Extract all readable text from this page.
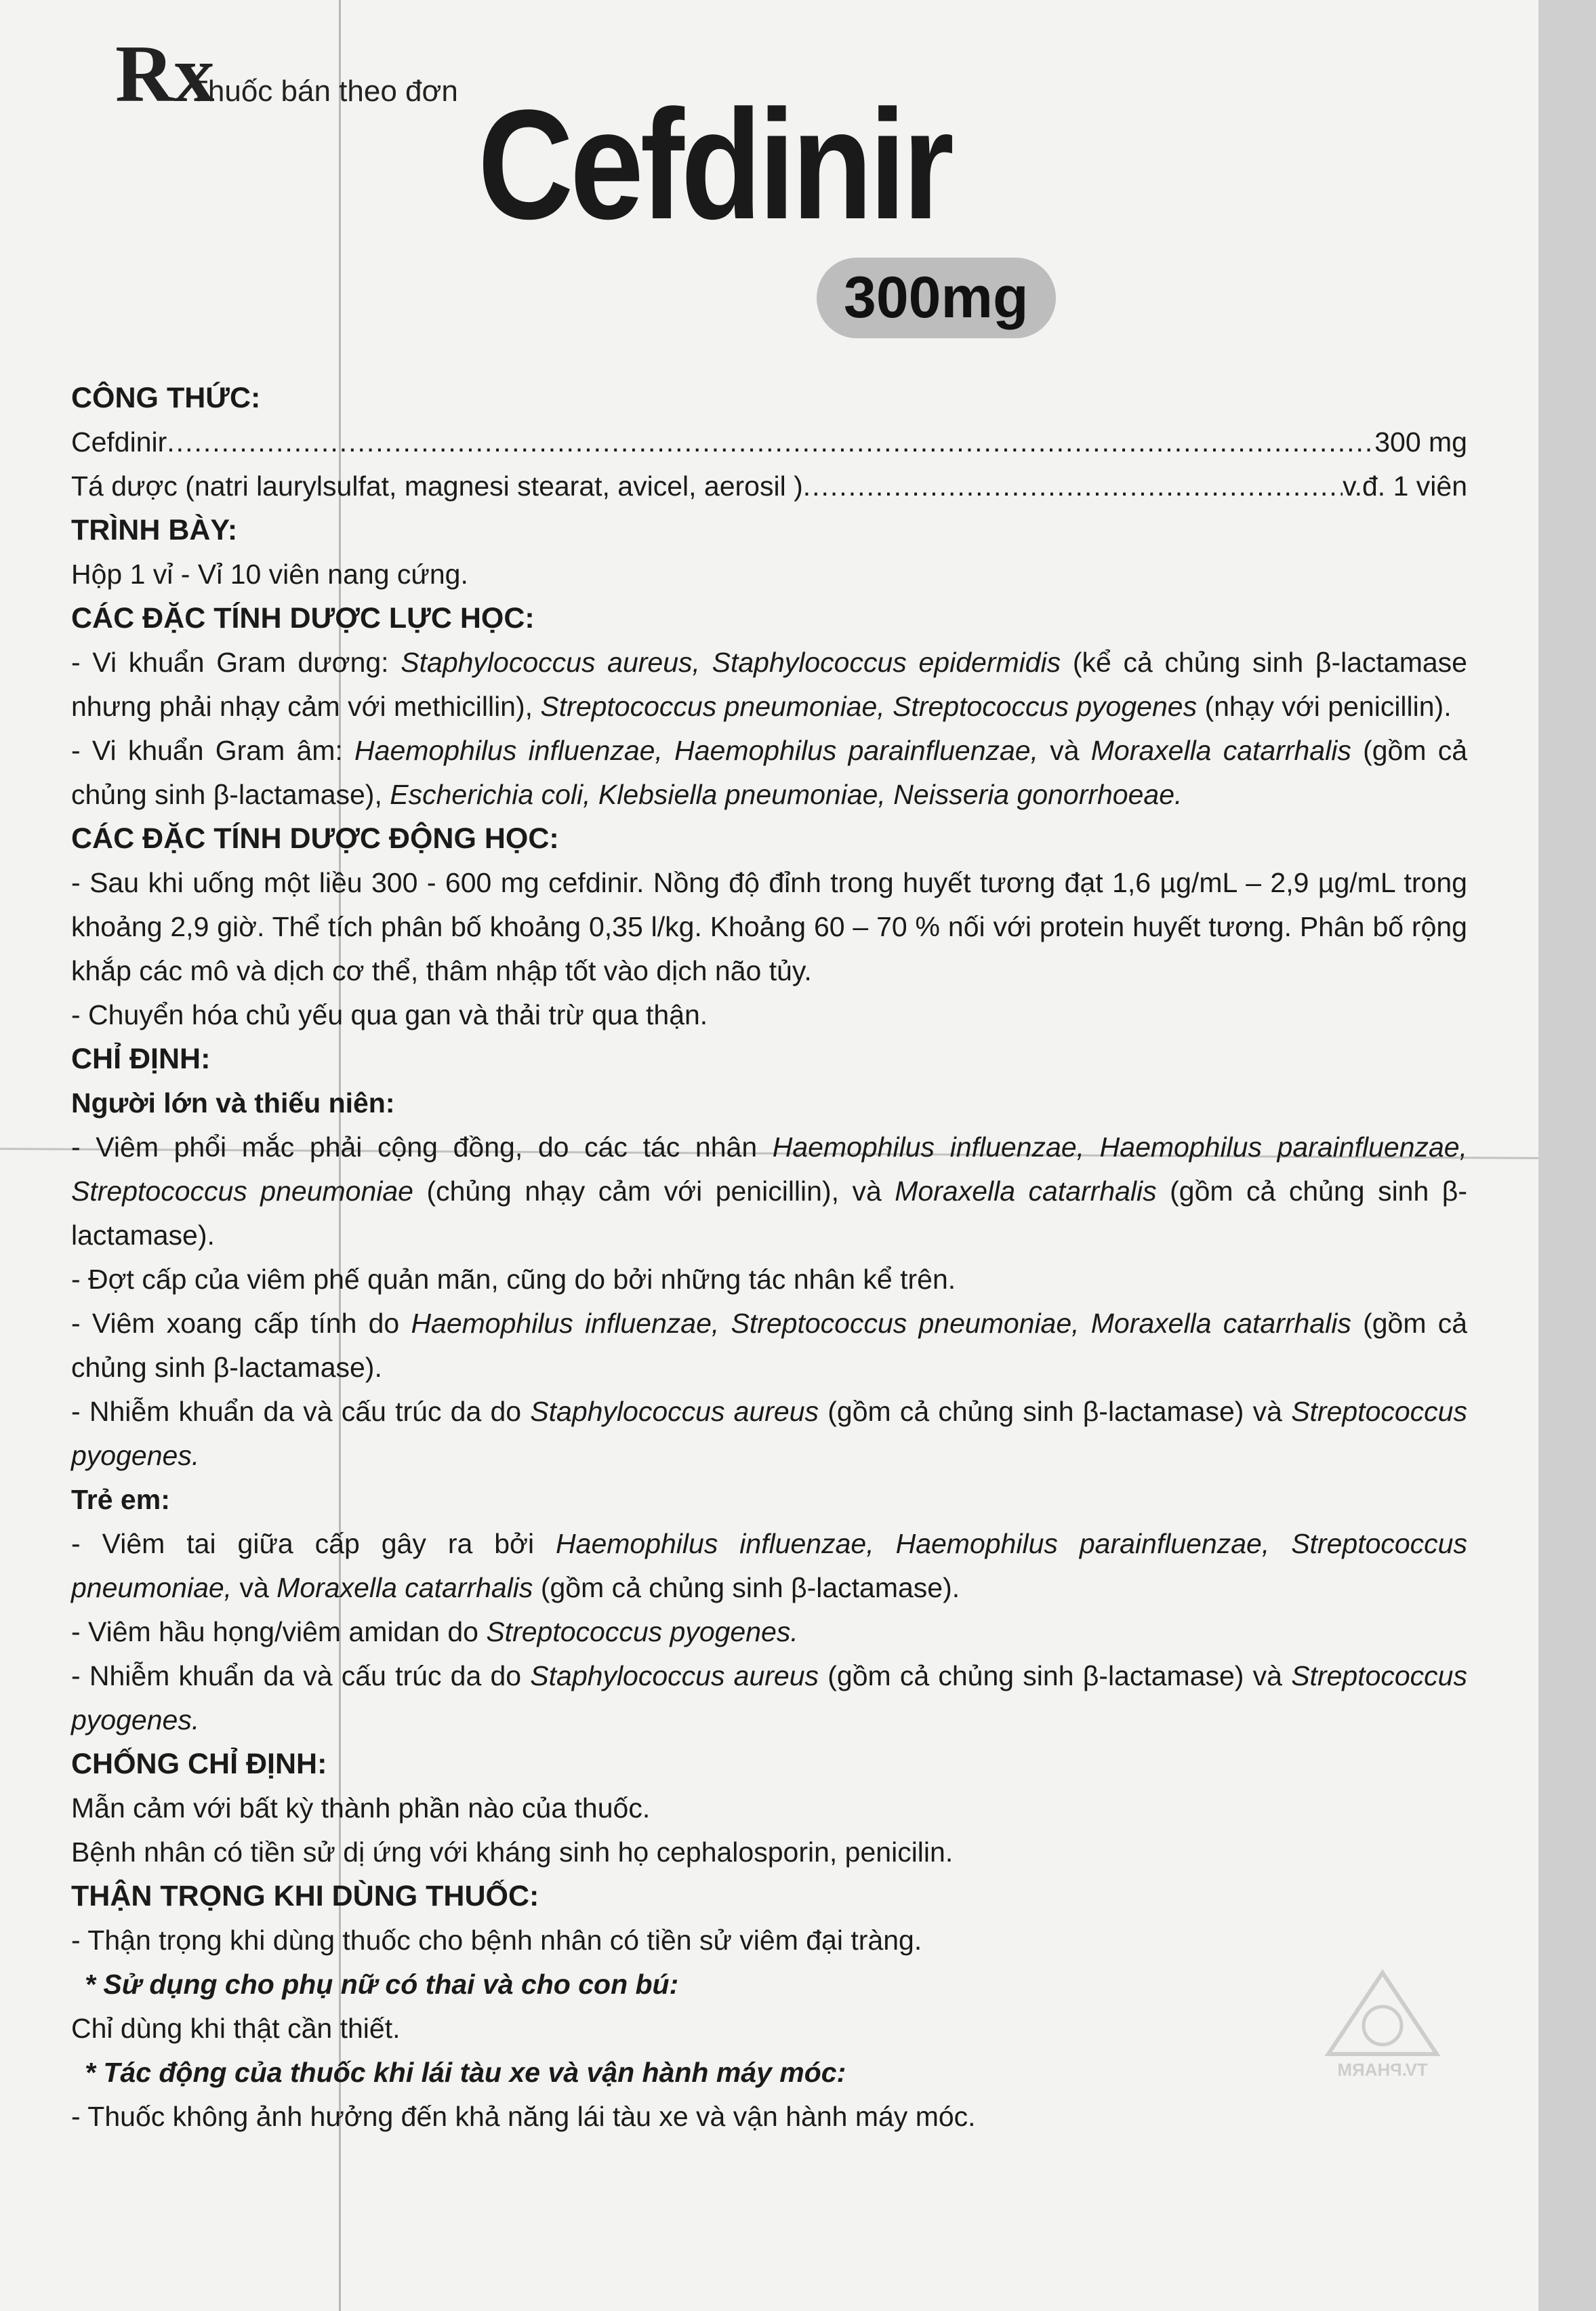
Rx
Thuốc bán theo đơn Cefdinir
300mg
CÔNG THỨC:
Cefdinir .....	300 mg
Tá dược (natri laurylsulfat, magnesi stearat, avicel, aerosil ) .....	v.đ. 1 viên
TRÌNH BÀY:
Hộp 1 vỉ - Vỉ 10 viên nang cứng.
CÁC ĐẶC TÍNH DƯỢC LỰC HỌC:
- Vi khuẩn Gram dương: Staphylococcus aureus, Staphylococcus epidermidis (kể cả chủng sinh β-lactamase nhưng phải nhạy cảm với methicillin), Streptococcus pneumoniae, Streptococcus pyogenes (nhạy với penicillin).
- Vi khuẩn Gram âm: Haemophilus influenzae, Haemophilus parainfluenzae, và Moraxella catarrhalis (gồm cả chủng sinh β-lactamase), Escherichia coli, Klebsiella pneumoniae, Neisseria gonorrhoeae.
CÁC ĐẶC TÍNH DƯỢC ĐỘNG HỌC:
- Sau khi uống một liều 300 - 600 mg cefdinir. Nồng độ đỉnh trong huyết tương đạt 1,6 µg/mL – 2,9 µg/mL trong khoảng 2,9 giờ. Thể tích phân bố khoảng 0,35 l/kg. Khoảng 60 – 70 % nối với protein huyết tương. Phân bố rộng khắp các mô và dịch cơ thể, thâm nhập tốt vào dịch não tủy.
- Chuyển hóa chủ yếu qua gan và thải trừ qua thận.
CHỈ ĐỊNH:
Người lớn và thiếu niên:
- Viêm phổi mắc phải cộng đồng, do các tác nhân Haemophilus influenzae, Haemophilus parainfluenzae, Streptococcus pneumoniae (chủng nhạy cảm với penicillin), và Moraxella catarrhalis (gồm cả chủng sinh β-lactamase).
- Đợt cấp của viêm phế quản mãn, cũng do bởi những tác nhân kể trên.
- Viêm xoang cấp tính do Haemophilus influenzae, Streptococcus pneumoniae, Moraxella catarrhalis (gồm cả chủng sinh β-lactamase).
- Nhiễm khuẩn da và cấu trúc da do Staphylococcus aureus (gồm cả chủng sinh β-lactamase) và Streptococcus pyogenes.
Trẻ em:
- Viêm tai giữa cấp gây ra bởi Haemophilus influenzae, Haemophilus parainfluenzae, Streptococcus pneumoniae, và Moraxella catarrhalis (gồm cả chủng sinh β-lactamase).
- Viêm hầu họng/viêm amidan do Streptococcus pyogenes.
- Nhiễm khuẩn da và cấu trúc da do Staphylococcus aureus (gồm cả chủng sinh β-lactamase) và Streptococcus pyogenes.
CHỐNG CHỈ ĐỊNH:
Mẫn cảm với bất kỳ thành phần nào của thuốc.
Bệnh nhân có tiền sử dị ứng với kháng sinh họ cephalosporin, penicilin.
THẬN TRỌNG KHI DÙNG THUỐC:
- Thận trọng khi dùng thuốc cho bệnh nhân có tiền sử viêm đại tràng.
* Sử dụng cho phụ nữ có thai và cho con bú:
Chỉ dùng khi thật cần thiết.
* Tác động của thuốc khi lái tàu xe và vận hành máy móc:
- Thuốc không ảnh hưởng đến khả năng lái tàu xe và vận hành máy móc.
TV.PHARM
